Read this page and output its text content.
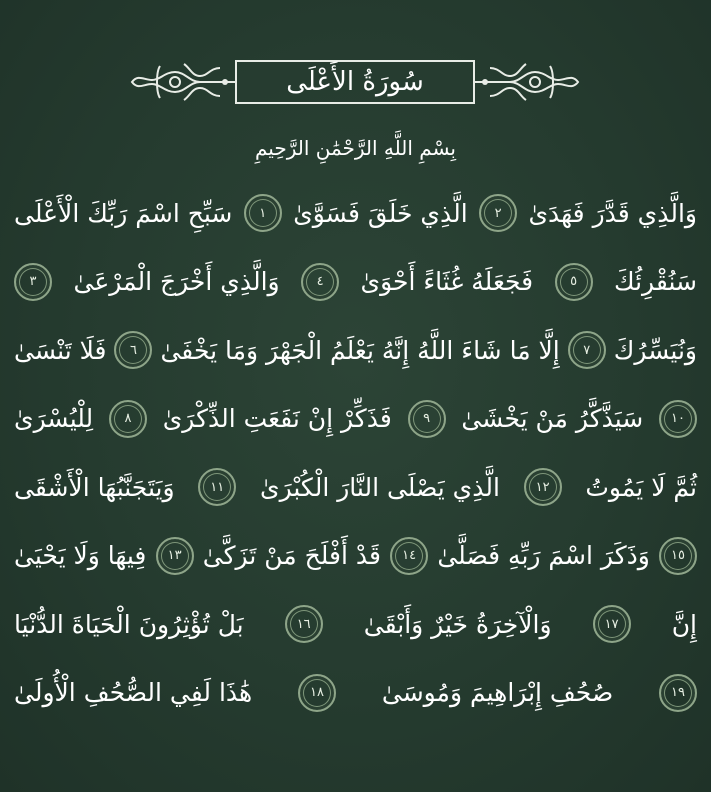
سُورَةُ الأَعْلَى
بِسْمِ اللَّهِ الرَّحْمَٰنِ الرَّحِيمِ
سَبِّحِ اسْمَ رَبِّكَ الْأَعْلَى	١	الَّذِي خَلَقَ فَسَوَّىٰ	٢	وَالَّذِي قَدَّرَ فَهَدَىٰ
٣	وَالَّذِي أَخْرَجَ الْمَرْعَىٰ	٤	فَجَعَلَهُ غُثَاءً أَحْوَىٰ	٥	سَنُقْرِئُكَ
فَلَا تَنْسَىٰ	٦ إِلَّا مَا شَاءَ اللَّهُ إِنَّهُ يَعْلَمُ الْجَهْرَ وَمَا يَخْفَىٰ	٧ وَنُيَسِّرُكَ
لِلْيُسْرَىٰ	٨	فَذَكِّرْ إِنْ نَفَعَتِ الذِّكْرَىٰ	٩	سَيَذَّكَّرُ مَنْ يَخْشَىٰ	١٠
وَيَتَجَنَّبُهَا الْأَشْقَى	١١	الَّذِي يَصْلَى النَّارَ الْكُبْرَىٰ	١٢	ثُمَّ لَا يَمُوتُ
فِيهَا وَلَا يَحْيَىٰ	١٣ قَدْ أَفْلَحَ مَنْ تَزَكَّىٰ	١٤ وَذَكَرَ اسْمَ رَبِّهِ فَصَلَّىٰ	١٥
بَلْ تُؤْثِرُونَ الْحَيَاةَ الدُّنْيَا	١٦	وَالْآخِرَةُ خَيْرٌ وَأَبْقَىٰ	١٧	إِنَّ
هَٰذَا لَفِي الصُّحُفِ الْأُولَىٰ	١٨	صُحُفِ إِبْرَاهِيمَ وَمُوسَىٰ	١٩
